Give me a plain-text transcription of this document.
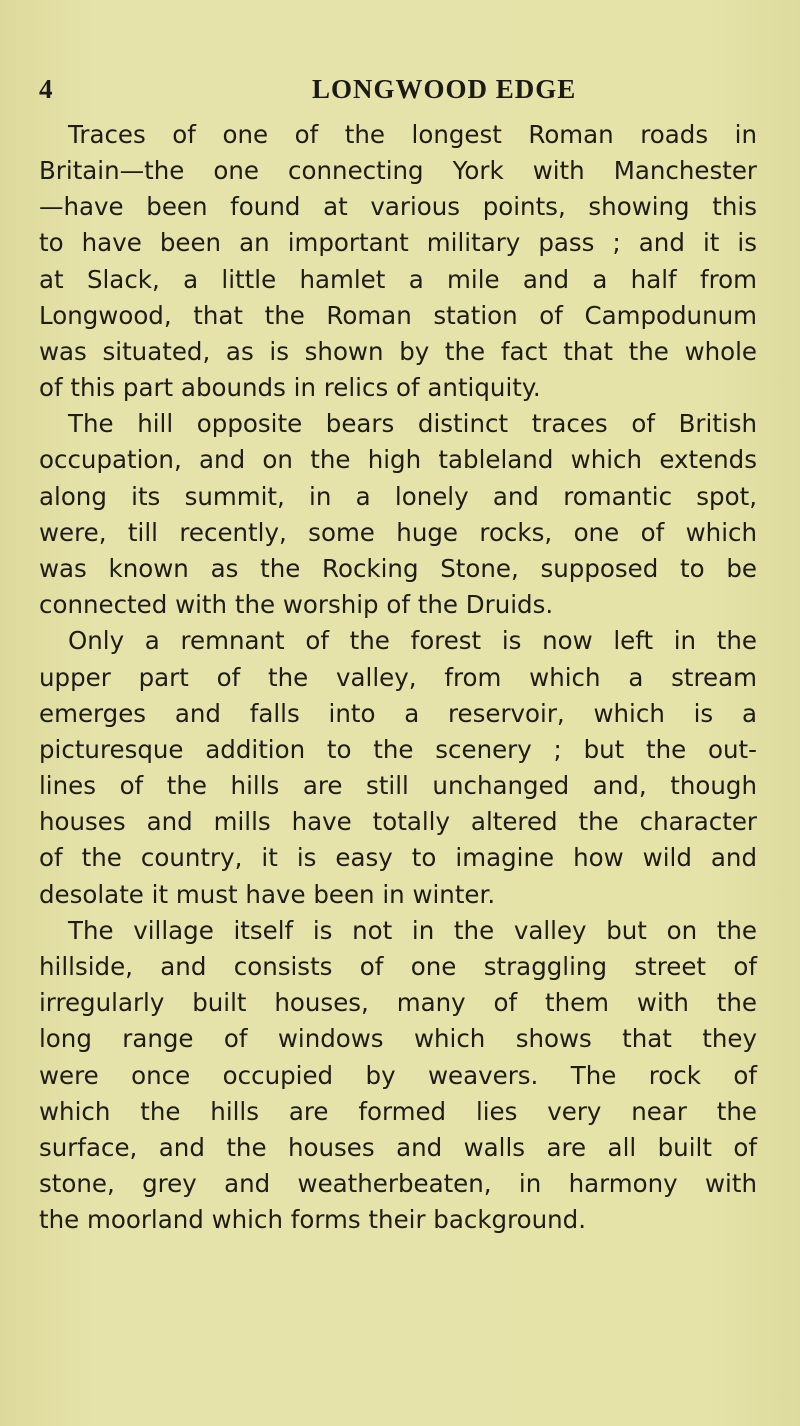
4	LONGWOOD EDGE
Traces of one of the longest Roman roads in
Britain—the one connecting York with Manchester
—have been found at various points, showing this
to have been an important military pass ; and it is
at Slack, a little hamlet a mile and a half from
Longwood, that the Roman station of Campodunum
was situated, as is shown by the fact that the whole
of this part abounds in relics of antiquity.
The hill opposite bears distinct traces of British
occupation, and on the high tableland which extends
along its summit, in a lonely and romantic spot,
were, till recently, some huge rocks, one of which
was known as the Rocking Stone, supposed to be
connected with the worship of the Druids.
Only a remnant of the forest is now left in the
upper part of the valley, from which a stream
emerges and falls into a reservoir, which is a
picturesque addition to the scenery ; but the out-
lines of the hills are still unchanged and, though
houses and mills have totally altered the character
of the country, it is easy to imagine how wild and
desolate it must have been in winter.
The village itself is not in the valley but on the
hillside, and consists of one straggling street of
irregularly built houses, many of them with the
long range of windows which shows that they
were once occupied by weavers. The rock of
which the hills are formed lies very near the
surface, and the houses and walls are all built of
stone, grey and weatherbeaten, in harmony with
the moorland which forms their background.
